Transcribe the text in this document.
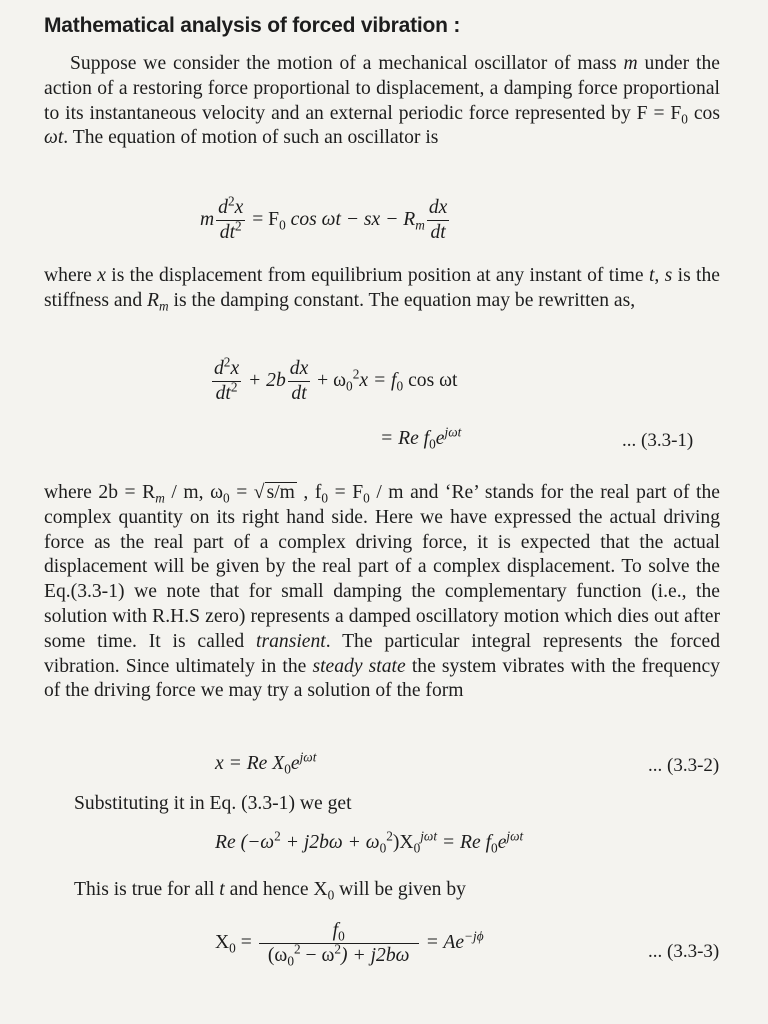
Mathematical analysis of forced vibration :
Suppose we consider the motion of a mechanical oscillator of mass m under the action of a restoring force proportional to displacement, a damping force proportional to its instantaneous velocity and an external periodic force represented by $F = F_0$ cos ωt. The equation of motion of such an oscillator is
m $\frac{d^2x}{dt^2} = F_0$ cos ωt − sx − $R_m \frac{dx}{dt}$
where x is the displacement from equilibrium position at any instant of time t, s is the stiffness and $R_m$ is the damping constant. The equation may be rewritten as,
$\frac{d^2x}{dt^2} + 2b \frac{dx}{dt} + \omega_0^2x = f_0$ cos ωt
= Re $f_0e^{j\omega t}$	... (3.3-1)
where $2b = R_m / m$, $\omega_0$ = √ s/m , $f_0 = F_0 / m$ and ‘Re’ stands for the real part of the complex quantity on its right hand side. Here we have expressed the actual driving force as the real part of a complex driving force, it is expected that the actual displacement will be given by the real part of a complex displacement. To solve the Eq.(3.3-1) we note that for small damping the complementary function (i.e., the solution with R.H.S zero) represents a damped oscillatory motion which dies out after some time. It is called transient. The particular integral represents the forced vibration. Since ultimately in the steady state the system vibrates with the frequency of the driving force we may try a solution of the form
x = Re $X_0e^{j\omega t}$	... (3.3-2)
Substituting it in Eq. (3.3-1) we get
Re $(-\omega^2 + j2b\omega + \omega_0^2)X_0^{j\omega t} = Re$ $f_0e^{j\omega t}$
This is true for all t and hence $X_0$ will be given by
$X_0 = \frac{f_0}{(\omega_0^2 - \omega^2) + j2b\omega} = Ae^{-j\phi}$
... (3.3-3)
